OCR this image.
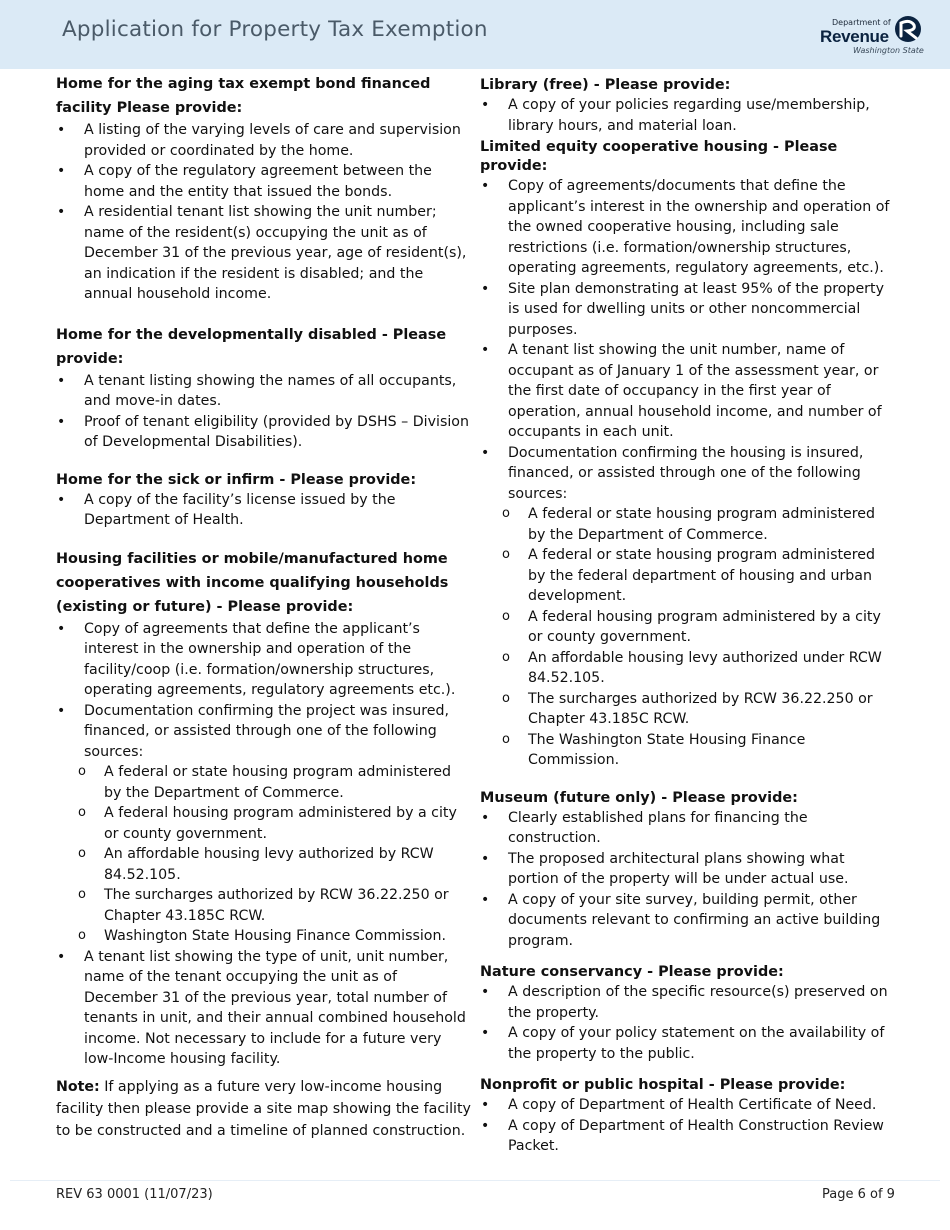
Application for Property Tax Exemption	Department of
Revenue
Washington State
Home for the aging tax exempt bond financed facility Please provide:
• A listing of the varying levels of care and supervision provided or coordinated by the home.
• A copy of the regulatory agreement between the home and the entity that issued the bonds.
• A residential tenant list showing the unit number; name of the resident(s) occupying the unit as of December 31 of the previous year, age of resident(s), an indication if the resident is disabled; and the annual household income.
Home for the developmentally disabled - Please provide:
• A tenant listing showing the names of all occupants, and move-in dates.
• Proof of tenant eligibility (provided by DSHS – Division of Developmental Disabilities).
Home for the sick or infirm - Please provide:
• A copy of the facility’s license issued by the Department of Health.
Housing facilities or mobile/manufactured home cooperatives with income qualifying households (existing or future) - Please provide:
• Copy of agreements that define the applicant’s interest in the ownership and operation of the facility/coop (i.e. formation/ownership structures, operating agreements, regulatory agreements etc.).
• Documentation confirming the project was insured, financed, or assisted through one of the following sources:
o A federal or state housing program administered by the Department of Commerce.
o A federal housing program administered by a city or county government.
o An affordable housing levy authorized by RCW 84.52.105.
o The surcharges authorized by RCW 36.22.250 or Chapter 43.185C RCW.
o Washington State Housing Finance Commission.
• A tenant list showing the type of unit, unit number, name of the tenant occupying the unit as of December 31 of the previous year, total number of tenants in unit, and their annual combined household income. Not necessary to include for a future very low-Income housing facility.
Note: If applying as a future very low-income housing facility then please provide a site map showing the facility to be constructed and a timeline of planned construction.
Library (free) - Please provide:
• A copy of your policies regarding use/membership, library hours, and material loan.
Limited equity cooperative housing - Please provide:
• Copy of agreements/documents that define the applicant’s interest in the ownership and operation of the owned cooperative housing, including sale restrictions (i.e. formation/ownership structures, operating agreements, regulatory agreements, etc.).
• Site plan demonstrating at least 95% of the property is used for dwelling units or other noncommercial purposes.
• A tenant list showing the unit number, name of occupant as of January 1 of the assessment year, or the first date of occupancy in the first year of operation, annual household income, and number of occupants in each unit.
• Documentation confirming the housing is insured, financed, or assisted through one of the following sources:
o A federal or state housing program administered by the Department of Commerce.
o A federal or state housing program administered by the federal department of housing and urban development.
o A federal housing program administered by a city or county government.
o An affordable housing levy authorized under RCW 84.52.105.
o The surcharges authorized by RCW 36.22.250 or Chapter 43.185C RCW.
o The Washington State Housing Finance Commission.
Museum (future only) - Please provide:
• Clearly established plans for financing the construction.
• The proposed architectural plans showing what portion of the property will be under actual use.
• A copy of your site survey, building permit, other documents relevant to confirming an active building program.
Nature conservancy - Please provide:
• A description of the specific resource(s) preserved on the property.
• A copy of your policy statement on the availability of the property to the public.
Nonprofit or public hospital - Please provide:
• A copy of Department of Health Certificate of Need.
• A copy of Department of Health Construction Review Packet.
REV 63 0001 (11/07/23)	Page 6 of 9
